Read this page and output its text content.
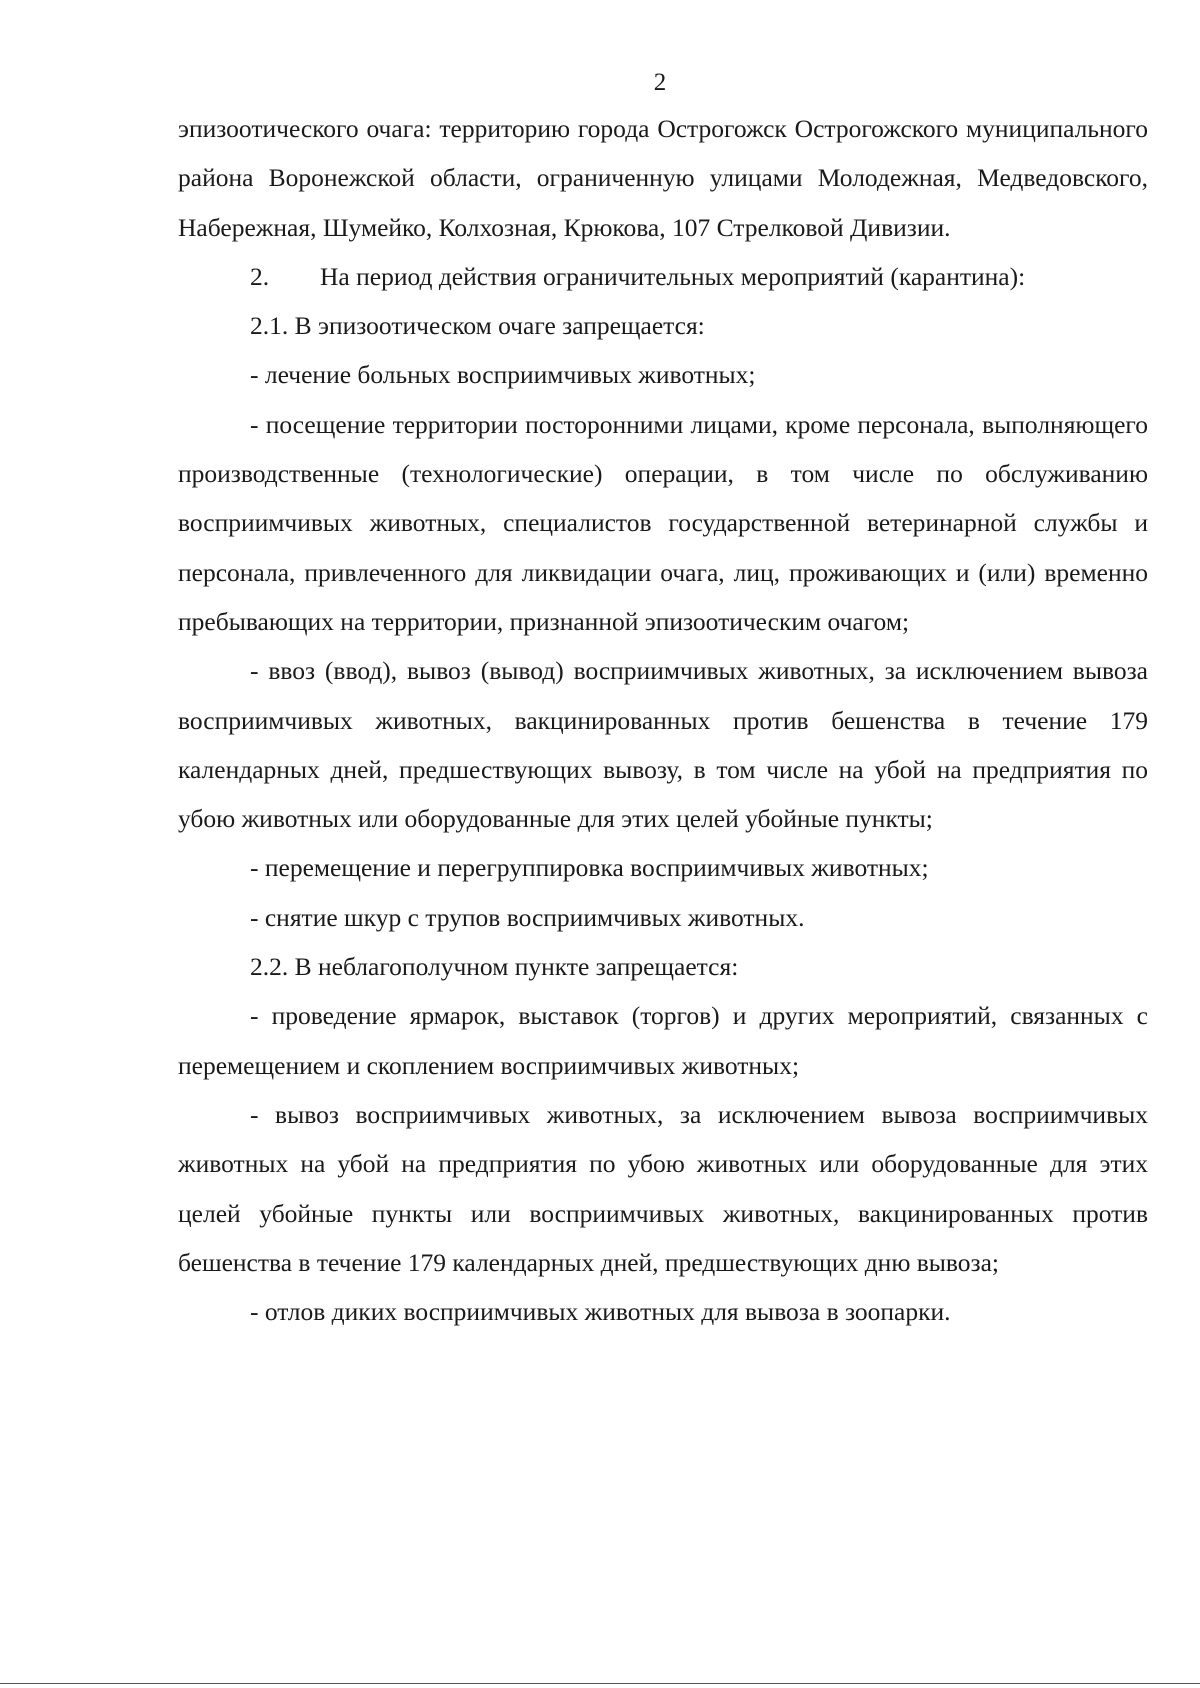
2

эпизоотического очага: территорию города Острогожск Острогожского муниципального района Воронежской области, ограниченную улицами Молодежная, Медведовского, Набережная, Шумейко, Колхозная, Крюкова, 107 Стрелковой Дивизии.

2. На период действия ограничительных мероприятий (карантина):

2.1. В эпизоотическом очаге запрещается:

- лечение больных восприимчивых животных;

- посещение территории посторонними лицами, кроме персонала, выполняющего производственные (технологические) операции, в том числе по обслуживанию восприимчивых животных, специалистов государственной ветеринарной службы и персонала, привлеченного для ликвидации очага, лиц, проживающих и (или) временно пребывающих на территории, признанной эпизоотическим очагом;

- ввоз (ввод), вывоз (вывод) восприимчивых животных, за исключением вывоза восприимчивых животных, вакцинированных против бешенства в течение 179 календарных дней, предшествующих вывозу, в том числе на убой на предприятия по убою животных или оборудованные для этих целей убойные пункты;

- перемещение и перегруппировка восприимчивых животных;

- снятие шкур с трупов восприимчивых животных.

2.2. В неблагополучном пункте запрещается:

- проведение ярмарок, выставок (торгов) и других мероприятий, связанных с перемещением и скоплением восприимчивых животных;

- вывоз восприимчивых животных, за исключением вывоза восприимчивых животных на убой на предприятия по убою животных или оборудованные для этих целей убойные пункты или восприимчивых животных, вакцинированных против бешенства в течение 179 календарных дней, предшествующих дню вывоза;

- отлов диких восприимчивых животных для вывоза в зоопарки.
